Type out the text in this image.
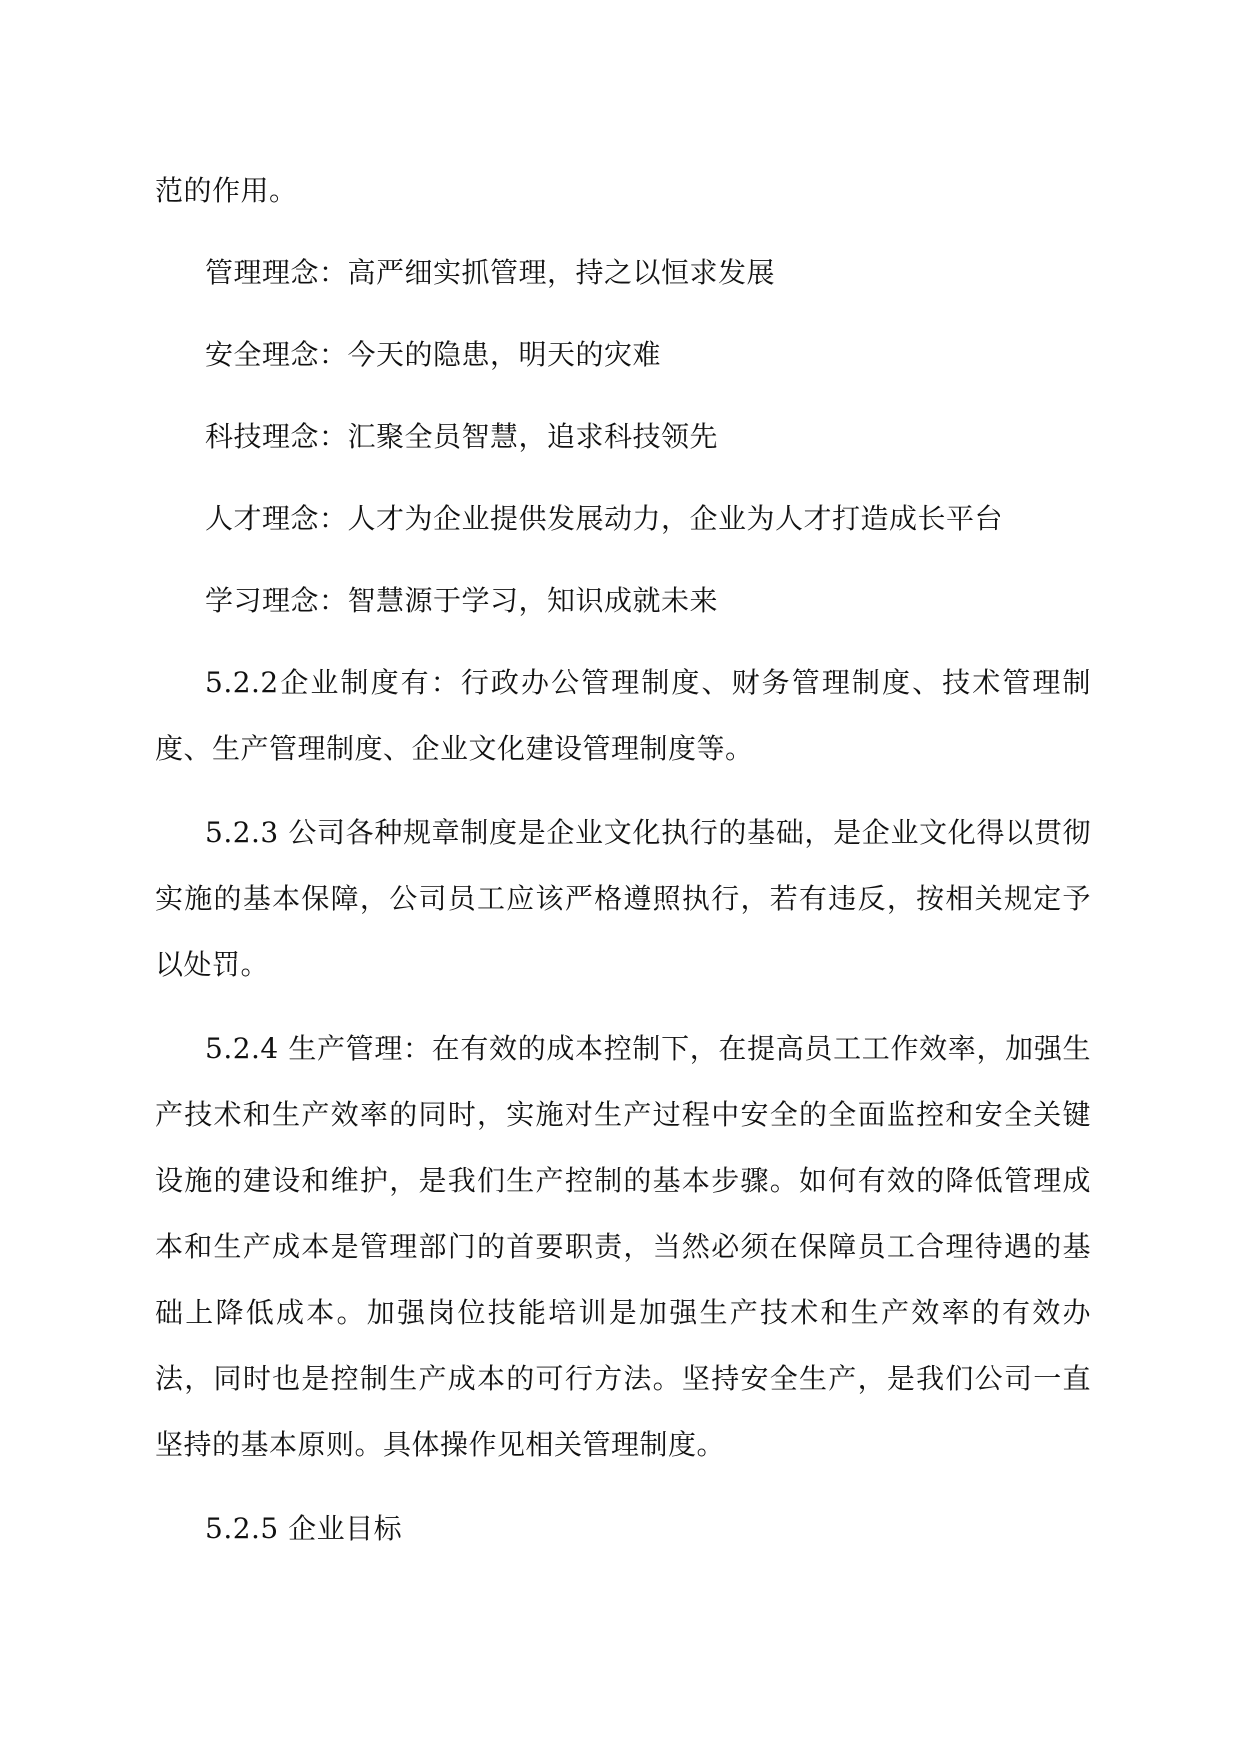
范的作用。

管理理念：高严细实抓管理，持之以恒求发展

安全理念：今天的隐患，明天的灾难

科技理念：汇聚全员智慧，追求科技领先

人才理念：人才为企业提供发展动力，企业为人才打造成长平台

学习理念：智慧源于学习，知识成就未来

5.2.2企业制度有：行政办公管理制度、财务管理制度、技术管理制度、生产管理制度、企业文化建设管理制度等。

5.2.3 公司各种规章制度是企业文化执行的基础，是企业文化得以贯彻实施的基本保障，公司员工应该严格遵照执行，若有违反，按相关规定予以处罚。

5.2.4 生产管理：在有效的成本控制下，在提高员工工作效率，加强生产技术和生产效率的同时，实施对生产过程中安全的全面监控和安全关键设施的建设和维护，是我们生产控制的基本步骤。如何有效的降低管理成本和生产成本是管理部门的首要职责，当然必须在保障员工合理待遇的基础上降低成本。加强岗位技能培训是加强生产技术和生产效率的有效办法，同时也是控制生产成本的可行方法。坚持安全生产，是我们公司一直坚持的基本原则。具体操作见相关管理制度。

5.2.5 企业目标
